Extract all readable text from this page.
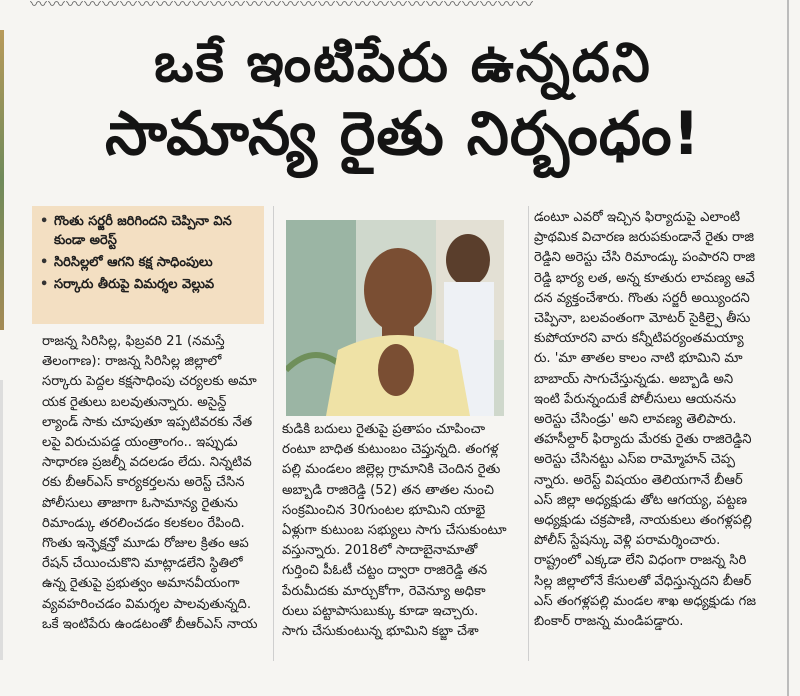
〰〰〰〰〰〰〰〰〰〰〰〰〰〰〰〰〰〰〰〰〰〰〰〰〰〰〰〰
ఒకే ఇంటిపేరు ఉన్నదని
సామాన్య రైతు నిర్బంధం!
• గొంతు సర్జరీ జరిగిందని చెప్పినా విన కుండా అరెస్ట్
• సిరిసిల్లలో ఆగని కక్ష సాధింపులు
• సర్కారు తీరుపై విమర్శల వెల్లువ
రాజన్న సిరిసిల్ల, ఫిబ్రవరి 21 (నమస్తే
తెలంగాణ): రాజన్న సిరిసిల్ల జిల్లాలో
సర్కారు పెద్దల కక్షసాధింపు చర్యలకు అమా
యక రైతులు బలవుతున్నారు. అసైన్డ్
ల్యాండ్ సాకు చూపుతూ ఇప్పటివరకు నేత
లపై విరుచుపడ్డ యంత్రాంగం.. ఇప్పుడు
సాధారణ ప్రజల్నీ వదలడం లేదు. నిన్నటివ
రకు బీఆర్ఎస్ కార్యకర్తలను అరెస్ట్ చేసిన
పోలీసులు తాజాగా ఓసామాన్య రైతును
రిమాండ్కు తరలించడం కలకలం రేపింది.
గొంతు ఇన్ఫెక్షన్తో మూడు రోజుల క్రితం ఆప
రేషన్ చేయించుకొని మాట్లాడలేని స్థితిలో
ఉన్న రైతుపై ప్రభుత్వం అమానవీయంగా
వ్యవహరించడం విమర్శల పాలవుతున్నది.
ఒకే ఇంటిపేరు ఉండటంతో బీఆర్ఎస్ నాయ
కుడికి బదులు రైతుపై ప్రతాపం చూపించా
రంటూ బాధిత కుటుంబం చెప్తున్నది. తంగళ్ల
పల్లి మండలం జిల్లెల్ల గ్రామానికి చెందిన రైతు
అబ్బాడి రాజిరెడ్డి (52) తన తాతల నుంచి
సంక్రమించిన 30గుంటల భూమిని యాభై
ఏళ్లుగా కుటుంబ సభ్యులు సాగు చేసుకుంటూ
వస్తున్నారు. 2018లో సాదాబైనామాతో
గుర్తించి పీఓటీ చట్టం ద్వారా రాజిరెడ్డి తన
పేరుమీదకు మార్చుకోగా, రెవెన్యూ అధికా
రులు పట్టాపాసుబుక్కు కూడా ఇచ్చారు.
సాగు చేసుకుంటున్న భూమిని కబ్జా చేశా
డంటూ ఎవరో ఇచ్చిన ఫిర్యాదుపై ఎలాంటి
ప్రాథమిక విచారణ జరుపకుండానే రైతు రాజి
రెడ్డిని అరెస్టు చేసి రిమాండ్కు పంపారని రాజి
రెడ్డి భార్య లత, అన్న కూతురు లావణ్య ఆవే
దన వ్యక్తంచేశారు. గొంతు సర్జరీ అయ్యిందని
చెప్పినా, బలవంతంగా మోటర్ సైకిల్పై తీసు
కుపోయారని వారు కన్నీటిపర్యంతమయ్యా
రు. 'మా తాతల కాలం నాటి భూమిని మా
బాబాయ్ సాగుచేస్తున్నడు. అబ్బాడి అని
ఇంటి పేరున్నందుకే పోలీసులు ఆయనను
అరెస్టు చేసిండ్రు' అని లావణ్య తెలిపారు.
తహసీల్దార్ ఫిర్యాదు మేరకు రైతు రాజిరెడ్డిని
అరెస్టు చేసినట్టు ఎస్ఐ రామ్మోహన్ చెప్ప
న్నారు. అరెస్ట్ విషయం తెలియగానే బీఆర్
ఎస్ జిల్లా అధ్యక్షుడు తోట ఆగయ్య, పట్టణ
అధ్యక్షుడు చక్రపాణి, నాయకులు తంగళ్లపల్లి
పోలీస్ స్టేషన్కు వెళ్లి పరామర్శించారు.
రాష్ట్రంలో ఎక్కడా లేని విధంగా రాజన్న సిరి
సిల్ల జిల్లాలోనే కేసులతో వేధిస్తున్నదని బీఆర్
ఎస్ తంగళ్లపల్లి మండల శాఖ అధ్యక్షుడు గజ
బింకార్ రాజన్న మండిపడ్డారు.
